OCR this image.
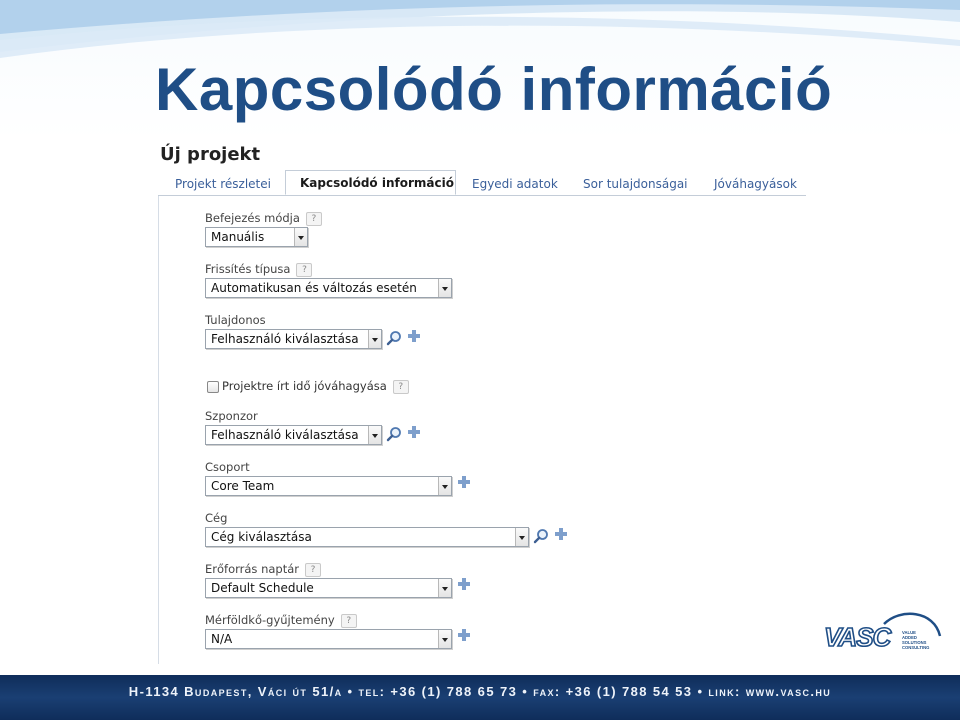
Kapcsolódó információ
Új projekt
Projekt részletei	Kapcsolódó információ Egyedi adatok Sor tulajdonságai Jóváhagyások
Befejezés módja ?
Manuális
Frissítés típusa ?
Automatikusan és változás esetén
Tulajdonos
Felhasználó kiválasztása
Projektre írt idő jóváhagyása ?
Szponzor
Felhasználó kiválasztása
Csoport
Core Team
Cég
Cég kiválasztása
Erőforrás naptár ?
Default Schedule
Mérföldkő-gyűjtemény ?
N/A	VASC	VALUE
ADDED
SOLUTIONS
CONSULTING
H-1134 Budapest, Váci út 51/a • tel: +36 (1) 788 65 73 • fax: +36 (1) 788 54 53 • link: www.vasc.hu
